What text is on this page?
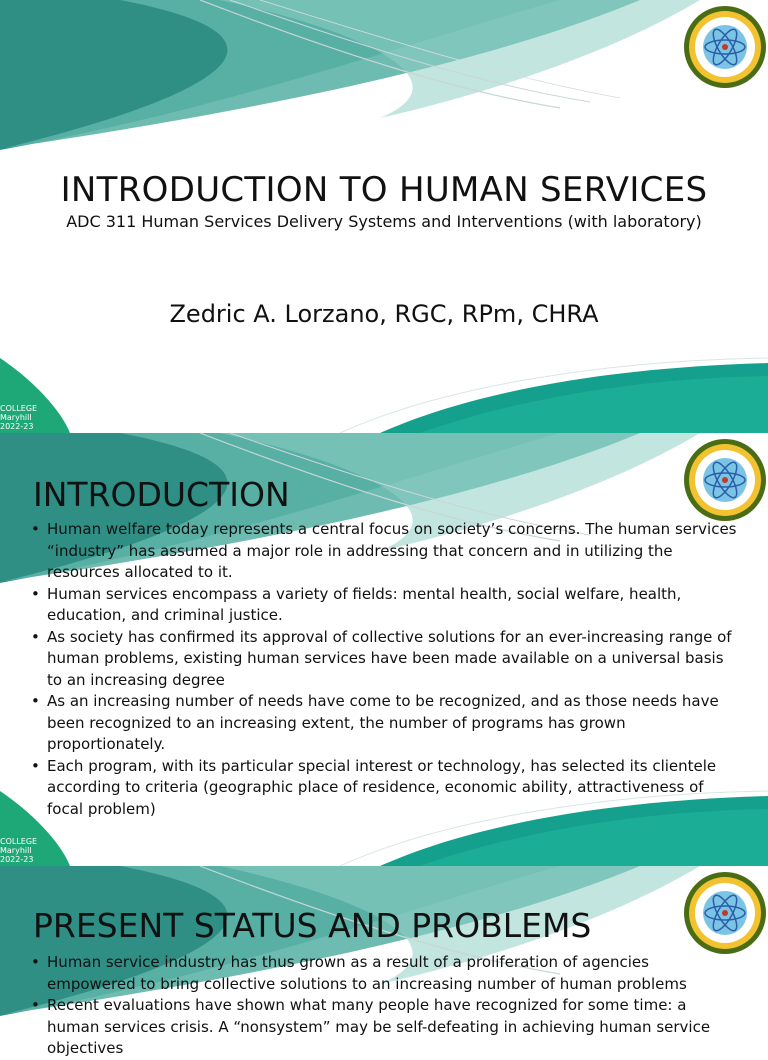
INTRODUCTION TO HUMAN SERVICES

ADC 311 Human Services Delivery Systems and Interventions (with laboratory)

Zedric A. Lorzano, RGC, RPm, CHRA

COLLEGE
Maryhill
2022-23
INTRODUCTION
• Human welfare today represents a central focus on society’s concerns. The human services “industry” has assumed a major role in addressing that concern and in utilizing the resources allocated to it.
• Human services encompass a variety of fields: mental health, social welfare, health, education, and criminal justice.
• As society has confirmed its approval of collective solutions for an ever-increasing range of human problems, existing human services have been made available on a universal basis to an increasing degree
• As an increasing number of needs have come to be recognized, and as those needs have been recognized to an increasing extent, the number of programs has grown proportionately.
• Each program, with its particular special interest or technology, has selected its clientele according to criteria (geographic place of residence, economic ability, attractiveness of focal problem)
COLLEGE
Maryhill
2022-23
PRESENT STATUS AND PROBLEMS
• Human service industry has thus grown as a result of a proliferation of agencies empowered to bring collective solutions to an increasing number of human problems
• Recent evaluations have shown what many people have recognized for some time: a human services crisis. A “nonsystem” may be self-defeating in achieving human service objectives
